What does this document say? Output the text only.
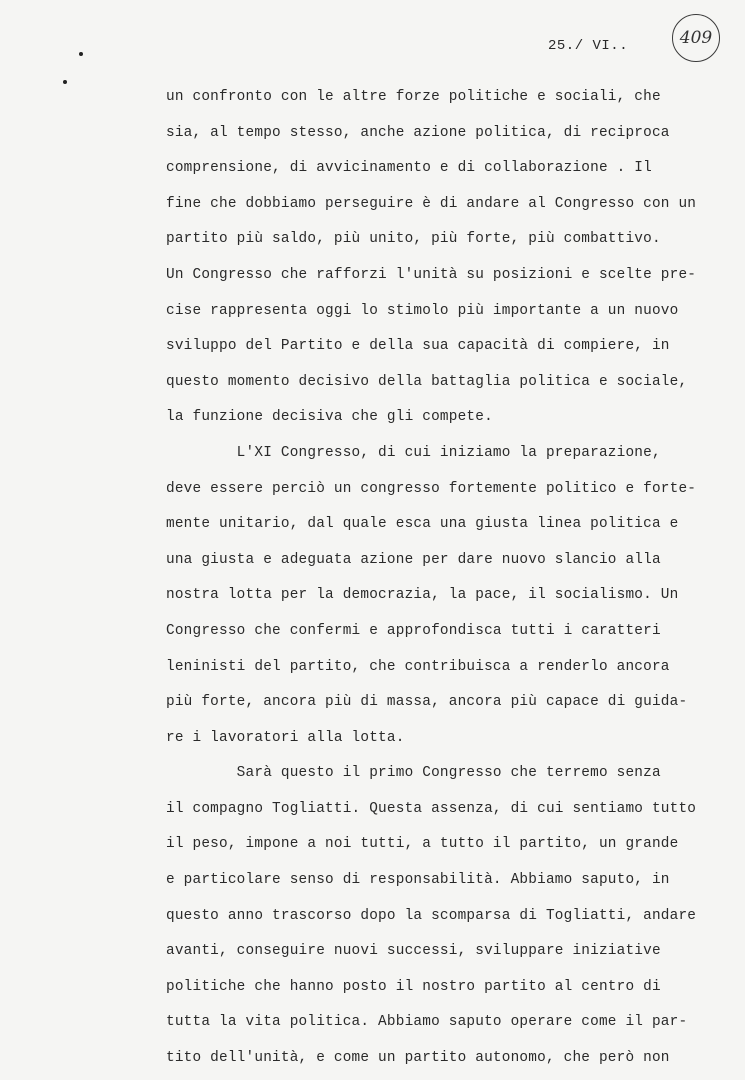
25./ VI..	409
un confronto con le altre forze politiche e sociali, che
sia, al tempo stesso, anche azione politica, di reciproca
comprensione, di avvicinamento e di collaborazione . Il
fine che dobbiamo perseguire è di andare al Congresso con un
partito più saldo, più unito, più forte, più combattivo.
Un Congresso che rafforzi l'unità su posizioni e scelte pre-
cise rappresenta oggi lo stimolo più importante a un nuovo
sviluppo del Partito e della sua capacità di compiere, in
questo momento decisivo della battaglia politica e sociale,
la funzione decisiva che gli compete.
L'XI Congresso, di cui iniziamo la preparazione,
deve essere perciò un congresso fortemente politico e forte-
mente unitario, dal quale esca una giusta linea politica e
una giusta e adeguata azione per dare nuovo slancio alla
nostra lotta per la democrazia, la pace, il socialismo. Un
Congresso che confermi e approfondisca tutti i caratteri
leninisti del partito, che contribuisca a renderlo ancora
più forte, ancora più di massa, ancora più capace di guida-
re i lavoratori alla lotta.
Sarà questo il primo Congresso che terremo senza
il compagno Togliatti. Questa assenza, di cui sentiamo tutto
il peso, impone a noi tutti, a tutto il partito, un grande
e particolare senso di responsabilità. Abbiamo saputo, in
questo anno trascorso dopo la scomparsa di Togliatti, andare
avanti, conseguire nuovi successi, sviluppare iniziative
politiche che hanno posto il nostro partito al centro di
tutta la vita politica. Abbiamo saputo operare come il par-
tito dell'unità, e come un partito autonomo, che però non
